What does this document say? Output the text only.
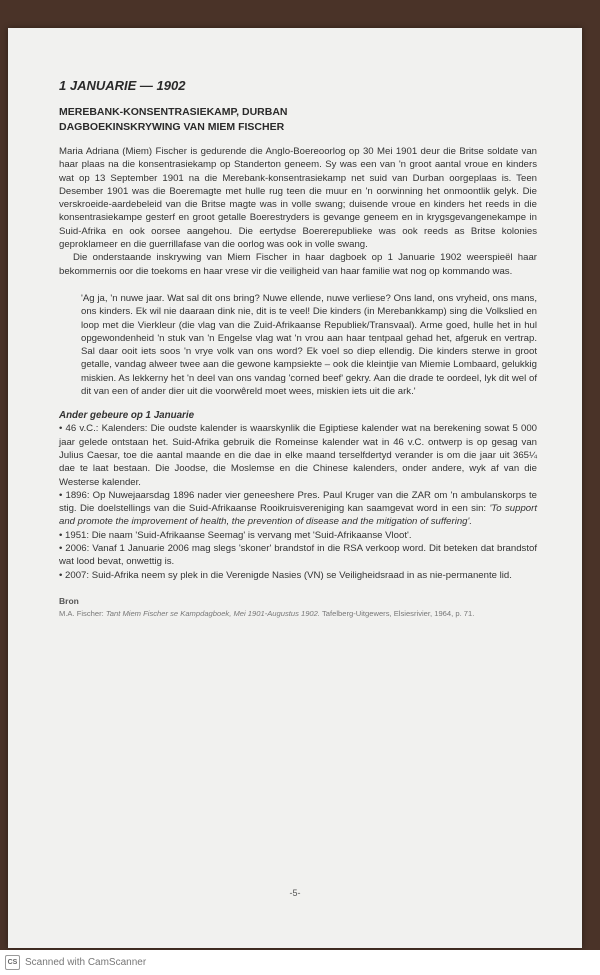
1 JANUARIE — 1902
MEREBANK-KONSENTRASIEKAMP, DURBAN
DAGBOEKINSKRYWING VAN MIEM FISCHER

Maria Adriana (Miem) Fischer is gedurende die Anglo-Boereoorlog op 30 Mei 1901 deur die Britse soldate van haar plaas na die konsentrasiekamp op Standerton geneem. Sy was een van 'n groot aantal vroue en kinders wat op 13 September 1901 na die Merebank-konsentrasiekamp net suid van Durban oorgeplaas is. Teen Desember 1901 was die Boeremagte met hulle rug teen die muur en 'n oorwinning het onmoontlik gelyk. Die verskroeide-aardebeleid van die Britse magte was in volle swang; duisende vroue en kinders het reeds in die konsentrasiekampe gesterf en groot getalle Boerestryders is gevange geneem en in krygsgevangenekampe in Suid-Afrika en ook oorsee aangehou. Die eertydse Boererepublieke was ook reeds as Britse kolonies geproklameer en die guerrillafase van die oorlog was ook in volle swang.

Die onderstaande inskrywing van Miem Fischer in haar dagboek op 1 Januarie 1902 weerspieël haar bekommernis oor die toekoms en haar vrese vir die veiligheid van haar familie wat nog op kommando was.

'Ag ja, 'n nuwe jaar. Wat sal dit ons bring? Nuwe ellende, nuwe verliese? Ons land, ons vryheid, ons mans, ons kinders. Ek wil nie daaraan dink nie, dit is te veel! Die kinders (in Merebankkamp) sing die Volkslied en loop met die Vierkleur (die vlag van die Zuid-Afrikaanse Republiek/Transvaal). Arme goed, hulle het in hul opgewondenheid 'n stuk van 'n Engelse vlag wat 'n vrou aan haar tentpaal gehad het, afgeruk en vertrap. Sal daar ooit iets soos 'n vrye volk van ons word? Ek voel so diep ellendig. Die kinders sterwe in groot getalle, vandag alweer twee aan die gewone kampsiekte – ook die kleintjie van Miemie Lombaard, gelukkig miskien. As lekkerny het 'n deel van ons vandag 'corned beef' gekry. Aan die drade te oordeel, lyk dit wel of dit van een of ander dier uit die voorwêreld moet wees, miskien iets uit die ark.'
Ander gebeure op 1 Januarie

• 46 v.C.: Kalenders: Die oudste kalender is waarskynlik die Egiptiese kalender wat na berekening sowat 5 000 jaar gelede ontstaan het. Suid-Afrika gebruik die Romeinse kalender wat in 46 v.C. ontwerp is op gesag van Julius Caesar, toe die aantal maande en die dae in elke maand terselfdertyd verander is om die jaar uit 365¼ dae te laat bestaan. Die Joodse, die Moslemse en die Chinese kalenders, onder andere, wyk af van die Westerse kalender.

• 1896: Op Nuwejaarsdag 1896 nader vier geneeshere Pres. Paul Kruger van die ZAR om 'n ambulanskorps te stig. Die doelstellings van die Suid-Afrikaanse Rooikruisvereniging kan saamgevat word in een sin: 'To support and promote the improvement of health, the prevention of disease and the mitigation of suffering'.

• 1951: Die naam 'Suid-Afrikaanse Seemag' is vervang met 'Suid-Afrikaanse Vloot'.

• 2006: Vanaf 1 Januarie 2006 mag slegs 'skoner' brandstof in die RSA verkoop word. Dit beteken dat brandstof wat lood bevat, onwettig is.

• 2007: Suid-Afrika neem sy plek in die Verenigde Nasies (VN) se Veiligheidsraad in as nie-permanente lid.

Bron

M.A. Fischer: Tant Miem Fischer se Kampdagboek, Mei 1901-Augustus 1902. Tafelberg-Uitgewers, Elsiesrivier, 1964, p. 71.

-5-
CS Scanned with CamScanner
